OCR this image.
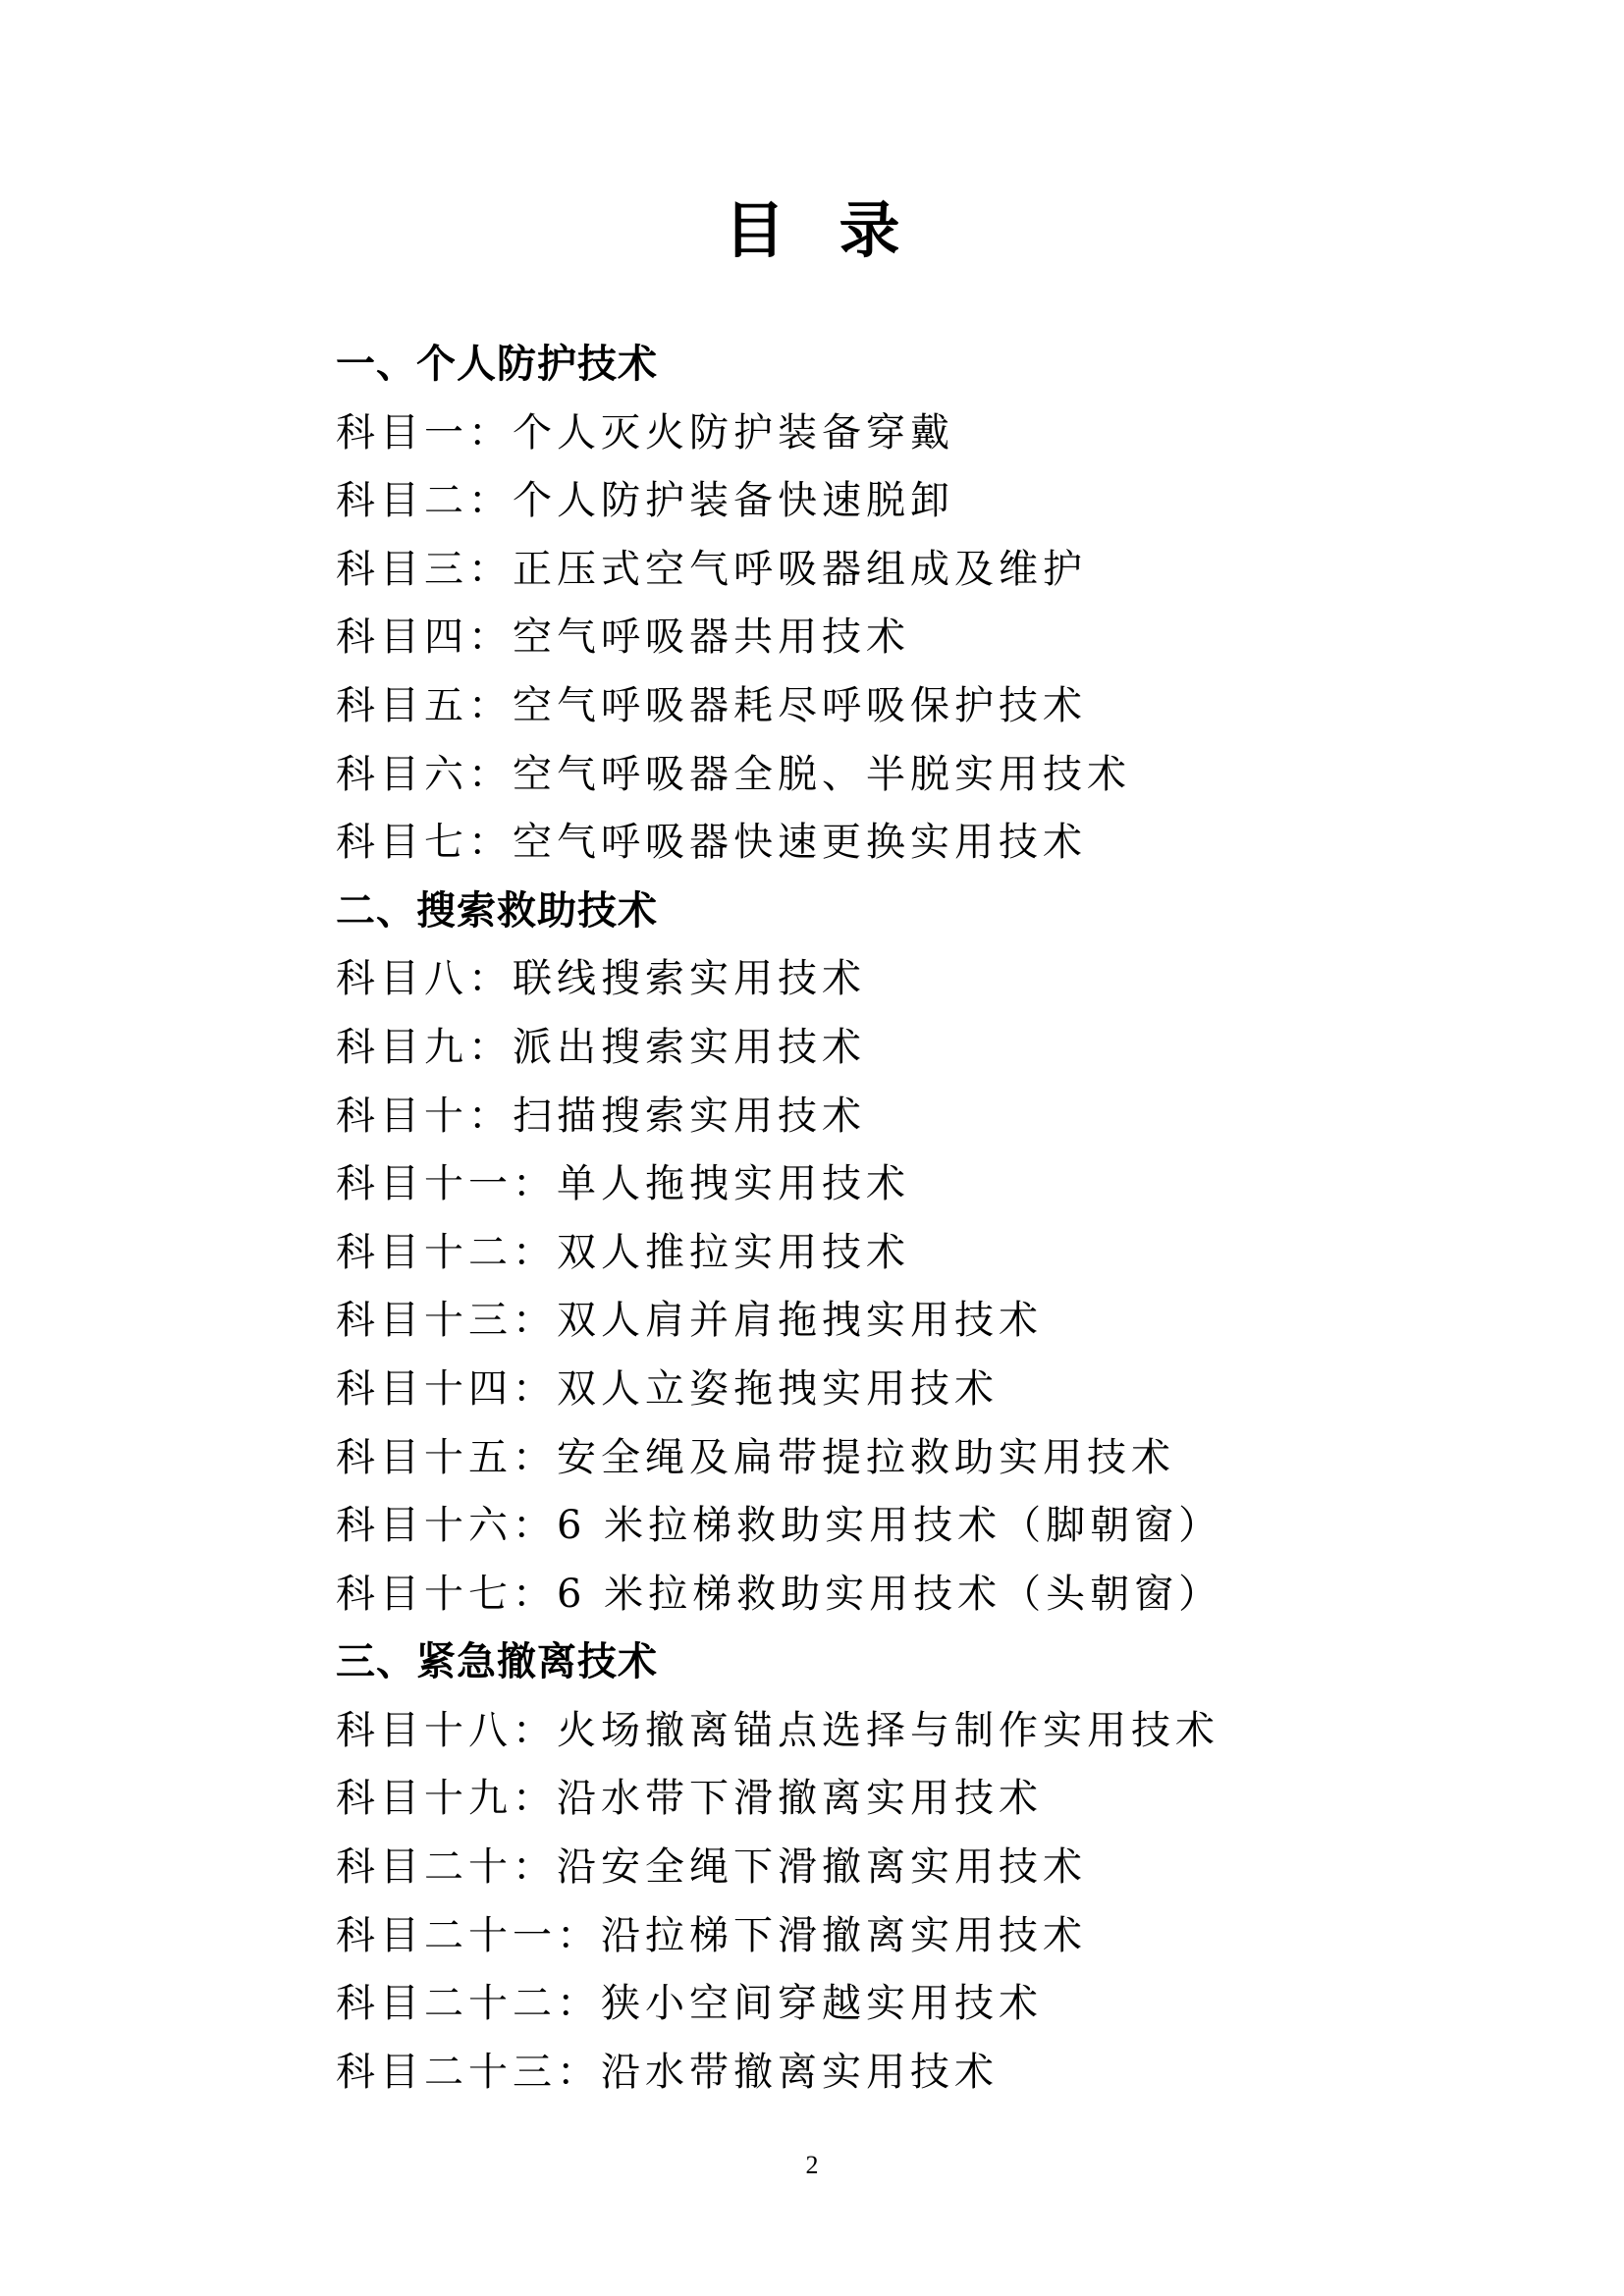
目录
一、个人防护技术
科目一：个人灭火防护装备穿戴
科目二：个人防护装备快速脱卸
科目三：正压式空气呼吸器组成及维护
科目四：空气呼吸器共用技术
科目五：空气呼吸器耗尽呼吸保护技术
科目六：空气呼吸器全脱、半脱实用技术
科目七：空气呼吸器快速更换实用技术
二、搜索救助技术
科目八：联线搜索实用技术
科目九：派出搜索实用技术
科目十：扫描搜索实用技术
科目十一：单人拖拽实用技术
科目十二：双人推拉实用技术
科目十三：双人肩并肩拖拽实用技术
科目十四：双人立姿拖拽实用技术
科目十五：安全绳及扁带提拉救助实用技术
科目十六：6 米拉梯救助实用技术（脚朝窗）
科目十七：6 米拉梯救助实用技术（头朝窗）
三、紧急撤离技术
科目十八：火场撤离锚点选择与制作实用技术
科目十九：沿水带下滑撤离实用技术
科目二十：沿安全绳下滑撤离实用技术
科目二十一：沿拉梯下滑撤离实用技术
科目二十二：狭小空间穿越实用技术
科目二十三：沿水带撤离实用技术

2
